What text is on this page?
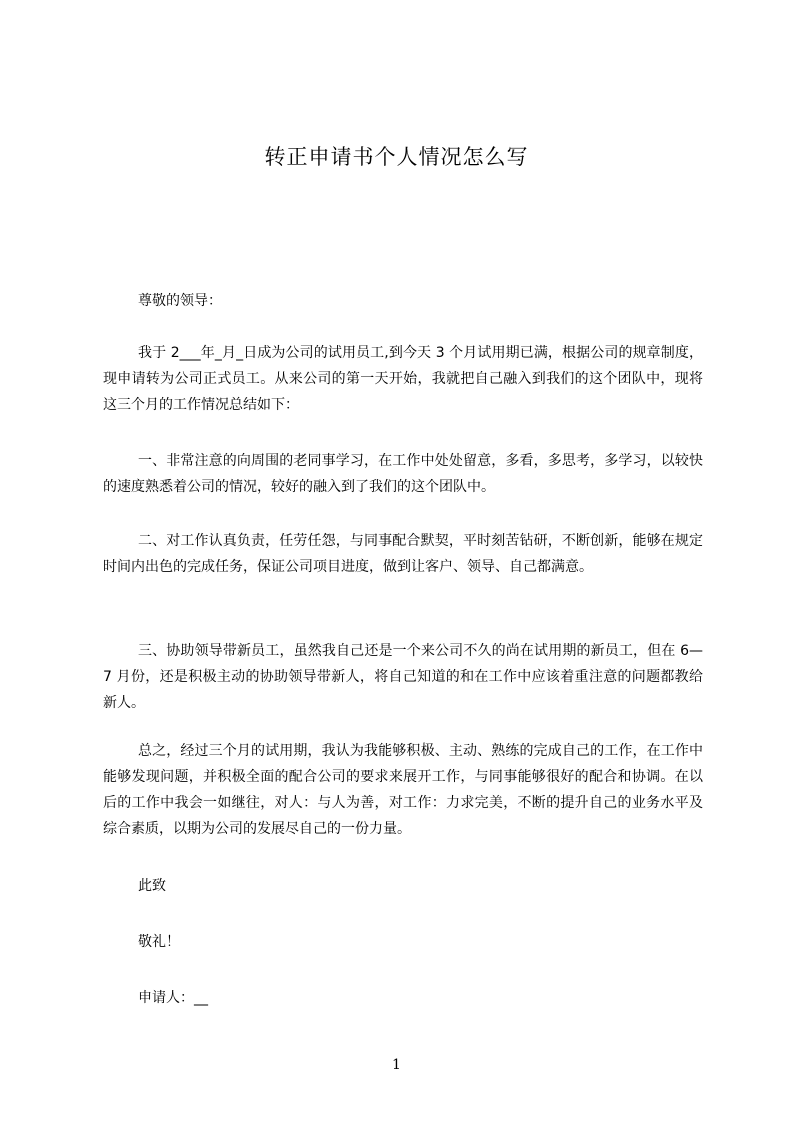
转正申请书个人情况怎么写
尊敬的领导：
我于 2___年_月_日成为公司的试用员工,到今天 3 个月试用期已满，根据公司的规章制度，现申请转为公司正式员工。从来公司的第一天开始，我就把自己融入到我们的这个团队中，现将这三个月的工作情况总结如下：
一、非常注意的向周围的老同事学习，在工作中处处留意，多看，多思考，多学习，以较快的速度熟悉着公司的情况，较好的融入到了我们的这个团队中。
二、对工作认真负责，任劳任怨，与同事配合默契，平时刻苦钻研，不断创新，能够在规定时间内出色的完成任务，保证公司项目进度，做到让客户、领导、自己都满意。
三、协助领导带新员工，虽然我自己还是一个来公司不久的尚在试用期的新员工，但在 6—7 月份，还是积极主动的协助领导带新人，将自己知道的和在工作中应该着重注意的问题都教给新人。
总之，经过三个月的试用期，我认为我能够积极、主动、熟练的完成自己的工作，在工作中能够发现问题，并积极全面的配合公司的要求来展开工作，与同事能够很好的配合和协调。在以后的工作中我会一如继往，对人：与人为善，对工作：力求完美，不断的提升自己的业务水平及综合素质，以期为公司的发展尽自己的一份力量。
此致
敬礼！
申请人：__
1
